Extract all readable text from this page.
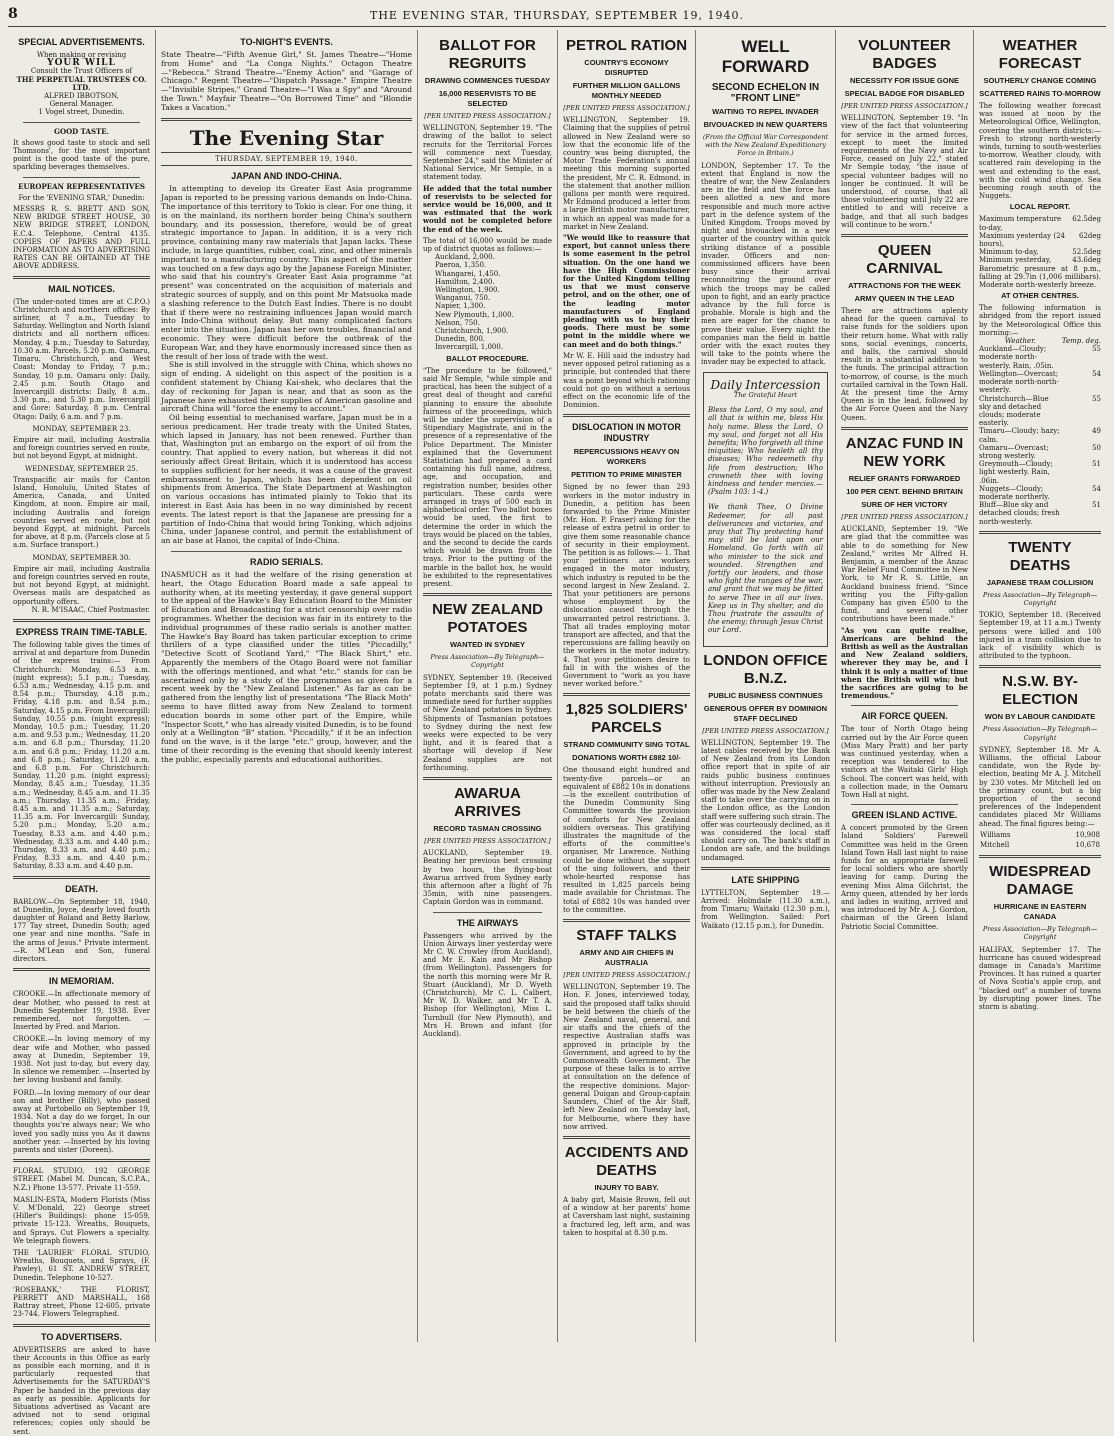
8	THE EVENING STAR, THURSDAY, SEPTEMBER 19, 1940.
SPECIAL ADVERTISEMENTS.
When making or revising
YOUR WILL
Consult the Trust Officers of
THE PERPETUAL TRUSTEES CO. LTD.
ALFRED IBBOTSON,
General Manager.
1 Vogel street, Dunedin.
GOOD TASTE.

It shows good taste to stock and sell Thomsons', for the most important point is the good taste of the pure, sparkling beverages themselves.

EUROPEAN REPRESENTATIVES
For the 'EVENING STAR,' Dunedin:

MESSRS R. S. BRETT AND SON, NEW BRIDGE STREET HOUSE, 30 NEW BRIDGE STREET, LONDON, E.C.4. Telephone, Central 4135. COPIES OF PAPERS AND FULL INFORMATION AS TO ADVERTISING RATES CAN BE OBTAINED AT THE ABOVE ADDRESS.

MAIL NOTICES.

(The under-noted times are at C.P.O.) Christchurch and northern offices: By airliner, at 7 a.m., Tuesday to Saturday. Wellington and North Island districts and all northern offices: Monday, 4 p.m.; Tuesday to Saturday, 10.30 a.m. Parcels, 5.20 p.m. Oamaru, Timaru, Christchurch, and West Coast: Monday to Friday, 7 p.m.; Sunday, 10 p.m. Oamaru only: Daily, 2.45 p.m. South Otago and Invercargill districts: Daily, 8 a.m., 3.30 p.m., and 5.30 p.m. Invercargill and Gore: Saturday, 8 p.m. Central Otago: Daily, 6 a.m. and 7 p.m.

MONDAY, SEPTEMBER 23.

Empire air mail, including Australia and foreign countries served en route, but not beyond Egypt, at midnight.

WEDNESDAY, SEPTEMBER 25.

Transpacific air mails for Canton Island, Honolulu, United States of America, Canada, and United Kingdom, at noon. Empire air mail, including Australia and foreign countries served en route, but not beyond Egypt, at midnight. Parcels for above, at 8 p.m. (Parcels close at 5 a.m. Surface transport.)

MONDAY, SEPTEMBER 30.

Empire air mail, including Australia and foreign countries served en route, but not beyond Egypt, at midnight. Overseas mails are despatched as opportunity offers.

N. R. M'ISAAC, Chief Postmaster.
EXPRESS TRAIN TIME-TABLE.

The following table gives the times of arrival at and departure from Dunedin of the express trains:— From Christchurch: Monday, 6.53 a.m. (night express); 5.1 p.m.; Tuesday, 6.53 a.m.; Wednesday, 4.15 p.m. and 8.54 p.m.; Thursday, 4.18 p.m.; Friday, 4.18 p.m. and 8.54 p.m.; Saturday, 4.15 p.m. From Invercargill: Sunday, 10.55 p.m. (night express); Monday, 10.5 p.m.; Tuesday, 11.20 a.m. and 9.53 p.m.; Wednesday, 11.20 a.m. and 6.8 p.m.; Thursday, 11.20 a.m. and 6.8 p.m.; Friday, 11.20 a.m. and 6.8 p.m.; Saturday, 11.20 a.m. and 6.8 p.m. For Christchurch: Sunday, 11.20 p.m. (night express); Monday, 8.45 a.m.; Tuesday, 11.35 a.m.; Wednesday, 8.45 a.m. and 11.35 a.m.; Thursday, 11.35 a.m.; Friday, 8.45 a.m. and 11.35 a.m.; Saturday, 11.35 a.m. For Invercargill: Sunday, 5.20 p.m.; Monday, 5.20 a.m.; Tuesday, 8.33 a.m. and 4.40 p.m.; Wednesday, 8.33 a.m. and 4.40 p.m.; Thursday, 8.33 a.m. and 4.40 p.m.; Friday, 8.33 a.m. and 4.40 p.m.; Saturday, 8.33 a.m. and 4.40 p.m.

DEATH.

BARLOW.—On September 18, 1940, at Dunedin, Joyce, dearly loved fourth daughter of Roland and Betty Barlow, 177 Tay street, Dunedin South; aged one year and nine months. "Safe in the arms of Jesus." Private interment.—R. M'Lean and Son, funeral directors.

IN MEMORIAM.

CROOKE.—In affectionate memory of dear Mother, who passed to rest at Dunedin September 19, 1938. Ever remembered, not forgotten. —Inserted by Fred. and Marion.

CROOKE.—In loving memory of my dear wife and Mother, who passed away at Dunedin, September 19, 1938. Not just to-day, but every day, In silence we remember. —Inserted by her loving husband and family.

FORD.—In loving memory of our dear son and brother (Billy), who passed away at Portobello on September 19, 1934. Not a day do we forget, In our thoughts you're always near; We who loved you sadly miss you As it dawns another year. —Inserted by his loving parents and sister (Doreen).

FLORAL STUDIO, 192 GEORGE STREET. (Mabel M. Duncan, S.C.P.A., N.Z.) Phone 13-577. Private 11-559.

MASLIN-ESTA, Modern Florists (Miss V. M'Donald, 22) George street (Hiller's Buildings): phone 15-059, private 15-123. Wreaths, Bouquets, and Sprays. Cut Flowers a specialty. We telegraph flowers.

THE 'LAURIER' FLORAL STUDIO, Wreaths, Bouquets, and Sprays, (F. Pawley), 61 ST. ANDREW STREET, Dunedin. Telephone 10-527.

'ROSEBANK,' THE FLORIST, PERRETT AND MARSHALL, 168 Rattray street, Phone 12-605, private 23-744. Flowers Telegraphed.

TO ADVERTISERS.

ADVERTISERS are asked to have their Accounts in this Office as early as possible each morning, and it is particularly requested that Advertisements for the SATURDAY'S Paper be handed in the previous day as early as possible. Applicants for Situations advertised as Vacant are advised not to send original references; copies only should be sent.

TO-NIGHT'S EVENTS.

State Theatre—"Fifth Avenue Girl," St. James Theatre—"Home from Home" and "La Conga Nights." Octagon Theatre—"Rebecca." Strand Theatre—"Enemy Action" and "Garage of Chicago." Regent Theatre—"Dispatch Passage." Empire Theatre—"Invisible Stripes," Grand Theatre—"I Was a Spy" and "Around the Town." Mayfair Theatre—"On Borrowed Time" and "Blondie Takes a Vacation."

The Evening Star
THURSDAY, SEPTEMBER 19, 1940.
JAPAN AND INDO-CHINA.

In attempting to develop its Greater East Asia programme Japan is reported to be pressing various demands on Indo-China. The importance of this territory to Tokio is clear. For one thing, it is on the mainland, its northern border being China's southern boundary, and its possession, therefore, would be of great strategic importance to Japan. In addition, it is a very rich province, containing many raw materials that Japan lacks. These include, in large quantities, rubber, coal, zinc, and other minerals important to a manufacturing country. This aspect of the matter was touched on a few days ago by the Japanese Foreign Minister, who said that his country's Greater East Asia programme "at present" was concentrated on the acquisition of materials and strategic sources of supply, and on this point Mr Matsuoka made a slashing reference to the Dutch East Indies. There is no doubt that if there were no restraining influences Japan would march into Indo-China without delay. But many complicated factors enter into the situation. Japan has her own troubles, financial and economic. They were difficult before the outbreak of the European War, and they have enormously increased since then as the result of her loss of trade with the west.

She is still involved in the struggle with China, which shows no sign of ending. A sidelight on this aspect of the position is a confident statement by Chiang Kai-shek, who declares that the day of reckoning for Japan is near, and that as soon as the Japanese have exhausted their supplies of American gasoline and aircraft China will "force the enemy to account."

Oil being essential to mechanised warfare, Japan must be in a serious predicament. Her trade treaty with the United States, which lapsed in January, has not been renewed. Further than that, Washington put an embargo on the export of oil from the country. That applied to every nation, but whereas it did not seriously affect Great Britain, which it is understood has access to supplies sufficient for her needs, it was a cause of the gravest embarrassment to Japan, which has been dependent on oil shipments from America. The State Department at Washington on various occasions has intimated plainly to Tokio that its interest in East Asia has been in no way diminished by recent events. The latest report is that the Japanese are pressing for a partition of Indo-China that would bring Tonking, which adjoins China, under Japanese control, and permit the establishment of an air base at Hanoi, the capital of Indo-China.

RADIO SERIALS.

INASMUCH as it had the welfare of the rising generation at heart, the Otago Education Board made a safe appeal to authority when, at its meeting yesterday, it gave general support to the appeal of the Hawke's Bay Education Board to the Minister of Education and Broadcasting for a strict censorship over radio programmes. Whether the decision was fair in its entirety to the individual programmes of these radio serials is another matter. The Hawke's Bay Board has taken particular exception to crime thrillers of a type classified under the titles "Piccadilly," "Detective Scott of Scotland Yard," "The Black Shirt," etc. Apparently the members of the Otago Board were not familiar with the offerings mentioned, and what "etc." stands for can be ascertained only by a study of the programmes as given for a recent week by the "New Zealand Listener." As far as can be gathered from the lengthy list of presentations "The Black Moth" seems to have flitted away from New Zealand to torment education boards in some other part of the Empire, while "Inspector Scott," who has already visited Dunedin, is to be found only at a Wellington "B" station. "Piccadilly," if it be an infection fund on the wave, is it the large "etc." group, however, and the time of their recording is the evening that should keenly interest the public, especially parents and educational authorities.

BALLOT FOR REGRUITS
DRAWING COMMENCES TUESDAY
16,000 RESERVISTS TO BE SELECTED
[PER UNITED PRESS ASSOCIATION.]

WELLINGTON, September 19. "The drawing of the ballot to select recruits for the Territorial Forces will commence next Tuesday, September 24," said the Minister of National Service, Mr Semple, in a statement today.

He added that the total number of reservists to be selected for service would be 16,000, and it was estimated that the work would not be completed before the end of the week.

The total of 16,000 would be made up of district quotas as follows:—

Auckland, 2,000.
Paeroa, 1,350.
Whangarei, 1,450.
Hamilton, 2,400.
Wellington, 1,900.
Wanganui, 750.
Napier, 1,300.
New Plymouth, 1,000.
Nelson, 750.
Christchurch, 1,900.
Dunedin, 800.
Invercargill, 1,000.
BALLOT PROCEDURE.

"The procedure to be followed," said Mr Semple, "while simple and practical, has been the subject of a great deal of thought and careful planning to ensure the absolute fairness of the proceedings, which will be under the supervision of a Stipendiary Magistrate, and in the presence of a representative of the Police Department. The Minister explained that the Government Statistician had prepared a card containing his full name, address, age, and occupation, and registration number, besides other particulars. These cards were arranged in trays of 500 each in alphabetical order. Two ballot boxes would be used, the first to determine the order in which the trays would be placed on the tables, and the second to decide the cards which would be drawn from the trays. Prior to the putting of the marble in the ballot box, he would be exhibited to the representatives present.

NEW ZEALAND POTATOES
WANTED IN SYDNEY
Press Association—By Telegraph—Copyright

SYDNEY, September 19. (Received September 19, at 1 p.m.) Sydney potato merchants said there was immediate need for further supplies of New Zealand potatoes in Sydney. Shipments of Tasmanian potatoes to Sydney during the next few weeks were expected to be very light, and it is feared that a shortage will develop if New Zealand supplies are not forthcoming.

AWARUA ARRIVES
RECORD TASMAN CROSSING
[PER UNITED PRESS ASSOCIATION.]

AUCKLAND, September 19. Beating her previous best crossing by two hours, the flying-boat Awarua arrived from Sydney early this afternoon after a flight of 7h 35min, with nine passengers. Captain Gordon was in command.

THE AIRWAYS

Passengers who arrived by the Union Airways liner yesterday were Mr C. W. Crowley (from Auckland), and Mr E. Kain and Mr Bishop (from Wellington). Passengers for the north this morning were Mr R. Stuart (Auckland), Mr D. Wyeth (Christchurch), Mr C. L. Calbert, Mr W. D. Walker, and Mr T. A. Bishop (for Wellington), Miss L. Turnbull (for New Plymouth), and Mrs H. Brown and infant (for Auckland).

PETROL RATION
COUNTRY'S ECONOMY DISRUPTED
FURTHER MILLION GALLONS MONTHLY NEEDED
[PER UNITED PRESS ASSOCIATION.]

WELLINGTON, September 19. Claiming that the supplies of petrol allowed in New Zealand were so low that the economic life of the country was being disrupted, the Motor Trade Federation's annual meeting this morning supported the president, Mr C. R. Edmond, in the statement that another million gallons per month were required. Mr Edmond produced a letter from a large British motor manufacturer, in which an appeal was made for a market in New Zealand.

"We would like to reassure that export, but cannot unless there is some easement in the petrol situation. On the one hand we have the High Commissioner for the United Kingdom telling us that we must conserve petrol, and on the other, one of the leading motor manufacturers of England pleading with us to buy their goods. There must be some point in the middle where we can meet and do both things."

Mr W. E. Hill said the industry had never opposed petrol rationing as a principle, but contended that there was a point beyond which rationing could not go on without a serious effect on the economic life of the Dominion.

DISLOCATION IN MOTOR INDUSTRY
REPERCUSSIONS HEAVY ON WORKERS
PETITION TO PRIME MINISTER

Signed by no fewer than 293 workers in the motor industry in Dunedin, a petition has been forwarded to the Prime Minister (Mr. Hon. P. Fraser) asking for the release of extra petrol in order to give them some reasonable chance of security in their employment. The petition is as follows:— 1. That your petitioners are workers engaged in the motor industry, which industry is reputed to be the second largest in New Zealand. 2. That your petitioners are persons whose employment by the dislocation caused through the unwarranted petrol restrictions. 3. That all trades employing motor transport are affected, and that the repercussions are falling heavily on the workers in the motor industry. 4. That your petitioners desire to fall in with the wishes of the Government to "work as you have never worked before."

1,825 SOLDIERS' PARCELS
STRAND COMMUNITY SING TOTAL
DONATIONS WORTH £882 10/-

One thousand eight hundred and twenty-five parcels—or an equivalent of £882 10s in donations—is the excellent contribution of the Dunedin Community Sing Committee towards the provision of comforts for New Zealand soldiers overseas. This gratifying illustrates the magnitude of the efforts of the committee's organiser, Mr Lawrence. Nothing could be done without the support of the sing followers, and their whole-hearted response has resulted in 1,825 parcels being made available for Christmas. The total of £882 10s was handed over to the committee.

STAFF TALKS
ARMY AND AIR CHIEFS IN AUSTRALIA
[PER UNITED PRESS ASSOCIATION.]

WELLINGTON, September 19. The Hon. F. Jones, interviewed today, said the proposed staff talks should be held between the chiefs of the New Zealand naval, general, and air staffs and the chiefs of the respective Australian staffs was approved in principle by the Government, and agreed to by the Commonwealth Government. The purpose of these talks is to arrive at consultation on the defence of the respective dominions. Major-general Duigan and Group-captain Saunders, Chief of the Air Staff, left New Zealand on Tuesday last, for Melbourne, where they have now arrived.

ACCIDENTS AND DEATHS
INJURY TO BABY.

A baby girl, Maisie Brown, fell out of a window at her parents' home at Caversham last night, sustaining a fractured leg, left arm, and was taken to hospital at 8.30 p.m.

WELL FORWARD
SECOND ECHELON IN "FRONT LINE"
WAITING TO REPEL INVADER
BIVOUACKED IN NEW QUARTERS
(From the Official War Correspondent with the New Zealand Expeditionary Force in Britain.)

LONDON, September 17. To the extent that England is now the theatre of war, the New Zealanders are in the field and the force has been allotted a new and more responsible and much more active part in the defence system of the United Kingdom. Troops moved by night and bivouacked in a new quarter of the country within quick striking distance of a possible invader. Officers and non-commissioned officers have been busy since their arrival reconnoitring the ground over which the troops may be called upon to fight, and an early practice advance by the full force is probable. Morale is high and the men are eager for the chance to prove their value. Every night the companies man the field in battle order with the exact routes they will take to the points where the invader may be expected to attack.

Daily Intercession
The Grateful Heart

Bless the Lord, O my soul, and all that is within me, bless His holy name. Bless the Lord, O my soul, and forget not all His benefits; Who forgiveth all thine iniquities; Who healeth all thy diseases; Who redeemeth thy life from destruction; Who crowneth thee with loving kindness and tender mercies.—(Psalm 103: 1-4.)

We thank Thee, O Divine Redeemer, for all past deliverances and victories, and pray that Thy protecting hand may still be laid upon our Homeland. Go forth with all who minister to the sick and wounded. Strengthen and fortify our leaders, and those who fight the ranges of the war, and grant that we may be fitted to serve Thee in all our lives. Keep us in Thy shelter, and do Thou frustrate the assaults of the enemy; through Jesus Christ our Lord.

LONDON OFFICE B.N.Z.
PUBLIC BUSINESS CONTINUES
GENEROUS OFFER BY DOMINION STAFF DECLINED
[PER UNITED PRESS ASSOCIATION.]

WELLINGTON, September 19. The latest cables received by the Bank of New Zealand from its London office report that in spite of air raids public business continues without interruption. Previously an offer was made by the New Zealand staff to take over the carrying on in the London office, as the London staff were suffering such strain. The offer was courteously declined, as it was considered the local staff should carry on. The bank's staff in London are safe, and the buildings undamaged.

LATE SHIPPING

LYTTELTON, September 19.—Arrived: Holmdale (11.30 a.m.), from Timaru; Waitaki (12.30 p.m.), from Wellington. Sailed: Port Waikato (12.15 p.m.), for Dunedin.

VOLUNTEER BADGES
NECESSITY FOR ISSUE GONE
SPECIAL BADGE FOR DISABLED
[PER UNITED PRESS ASSOCIATION.]

WELLINGTON, September 19. "In view of the fact that volunteering for service in the armed forces, except to meet the limited requirements of the Navy and Air Force, ceased on July 22," stated Mr Semple today, "the issue of special volunteer badges will no longer be continued. It will be understood, of course, that all those volunteering until July 22 are entitled to and will receive a badge, and that all such badges will continue to be worn."

QUEEN CARNIVAL
ATTRACTIONS FOR THE WEEK
ARMY QUEEN IN THE LEAD

There are attractions aplenty ahead for the queen carnival to raise funds for the soldiers upon their return home. What with rally sons, social evenings, concerts, and balls, the carnival should result in a substantial addition to the funds. The principal attraction to-morrow, of course, is the much curtailed carnival in the Town Hall. At the present time the Army Queen is in the lead, followed by the Air Force Queen and the Navy Queen.

ANZAC FUND IN NEW YORK
RELIEF GRANTS FORWARDED
100 PER CENT. BEHIND BRITAIN
SURE OF HER VICTORY
[PER UNITED PRESS ASSOCIATION.]

AUCKLAND, September 19. "We are glad that the committee was able to do something for New Zealand," writes Mr Alfred H. Benjamin, a member of the Anzac War Relief Fund Committee in New York, to Mr R. S. Little, an Auckland business friend. "Since writing you the Fifty-gallon Company has given £500 to the fund, and several other contributions have been made."

"As you can quite realise, Americans are behind the British as well as the Australian and New Zealand soldiers, wherever they may be, and I think it is only a matter of time when the British will win; but the sacrifices are going to be tremendous."

AIR FORCE QUEEN.

The tour of North Otago being carried out by the Air Force queen (Miss Mary Pratt) and her party was continued yesterday, when a reception was tendered to the visitors at the Waitaki Girls' High School. The concert was held, with a collection made, in the Oamaru Town Hall at night.

GREEN ISLAND ACTIVE.

A concert promoted by the Green Island Soldiers' Farewell Committee was held in the Green Island Town Hall last night to raise funds for an appropriate farewell for local soldiers who are shortly leaving for camp. During the evening Miss Alma Gilchrist, the Army queen, attended by her lords and ladies in waiting, arrived and was introduced by Mr A. J. Gordon, chairman of the Green Island Patriotic Social Committee.

WEATHER FORECAST
SOUTHERLY CHANGE COMING
SCATTERED RAINS TO-MORROW

The following weather forecast was issued at noon by the Meteorological Office, Wellington, covering the southern districts:— Fresh to strong north-westerly winds, turning to south-westerlies to-morrow. Weather cloudy, with scattered rain developing in the west and extending to the east, with the cold wind change. Sea becoming rough south of the Nuggets.

LOCAL REPORT.
Maximum temperature to-day,	62.5deg
Maximum yesterday (24 hours),	62deg
Minimum to-day,	52.5deg
Minimum yesterday,	43.6deg

Barometric pressure at 8 p.m., falling at 29.7in (1,006 millibars). Moderate north-westerly breeze.

AT OTHER CENTRES.

The following information is abridged from the report issued by the Meteorological Office this morning:—

Weather.	Temp. deg.
Auckland—Cloudy; moderate north-westerly. Rain, .05in.	55
Wellington—Overcast; moderate north-north-westerly.	54
Christchurch—Blue sky and detached clouds; moderate easterly.	55
Timaru—Cloudy; hazy; calm.	49
Oamaru—Overcast; strong westerly.	50
Greymouth—Cloudy; light westerly. Rain, .06in.	51
Nuggets—Cloudy; moderate northerly.	54
Bluff—Blue sky and detached clouds; fresh north-westerly.	51
TWENTY DEATHS
JAPANESE TRAM COLLISION
Press Association—By Telegraph—Copyright

TOKIO, September 18. (Received September 19, at 11 a.m.) Twenty persons were killed and 100 injured in a tram collision due to lack of visibility which is attributed to the typhoon.

N.S.W. BY-ELECTION
WON BY LABOUR CANDIDATE
Press Association—By Telegraph—Copyright

SYDNEY, September 18. Mr A. Williams, the official Labour candidate, won the Ryde by-election, beating Mr A. J. Mitchell by 230 votes. Mr Mitchell led on the primary count, but a big proportion of the second preferences of the Independent candidates placed Mr Williams ahead. The final figures being:—

Williams	10,908
Mitchell	10,678
WIDESPREAD DAMAGE
HURRICANE IN EASTERN CANADA
Press Association—By Telegraph—Copyright

HALIFAX, September 17. The hurricane has caused widespread damage in Canada's Maritime Provinces. It has ruined a quarter of Nova Scotia's apple crop, and "blacked out" a number of towns by disrupting power lines. The storm is abating.
